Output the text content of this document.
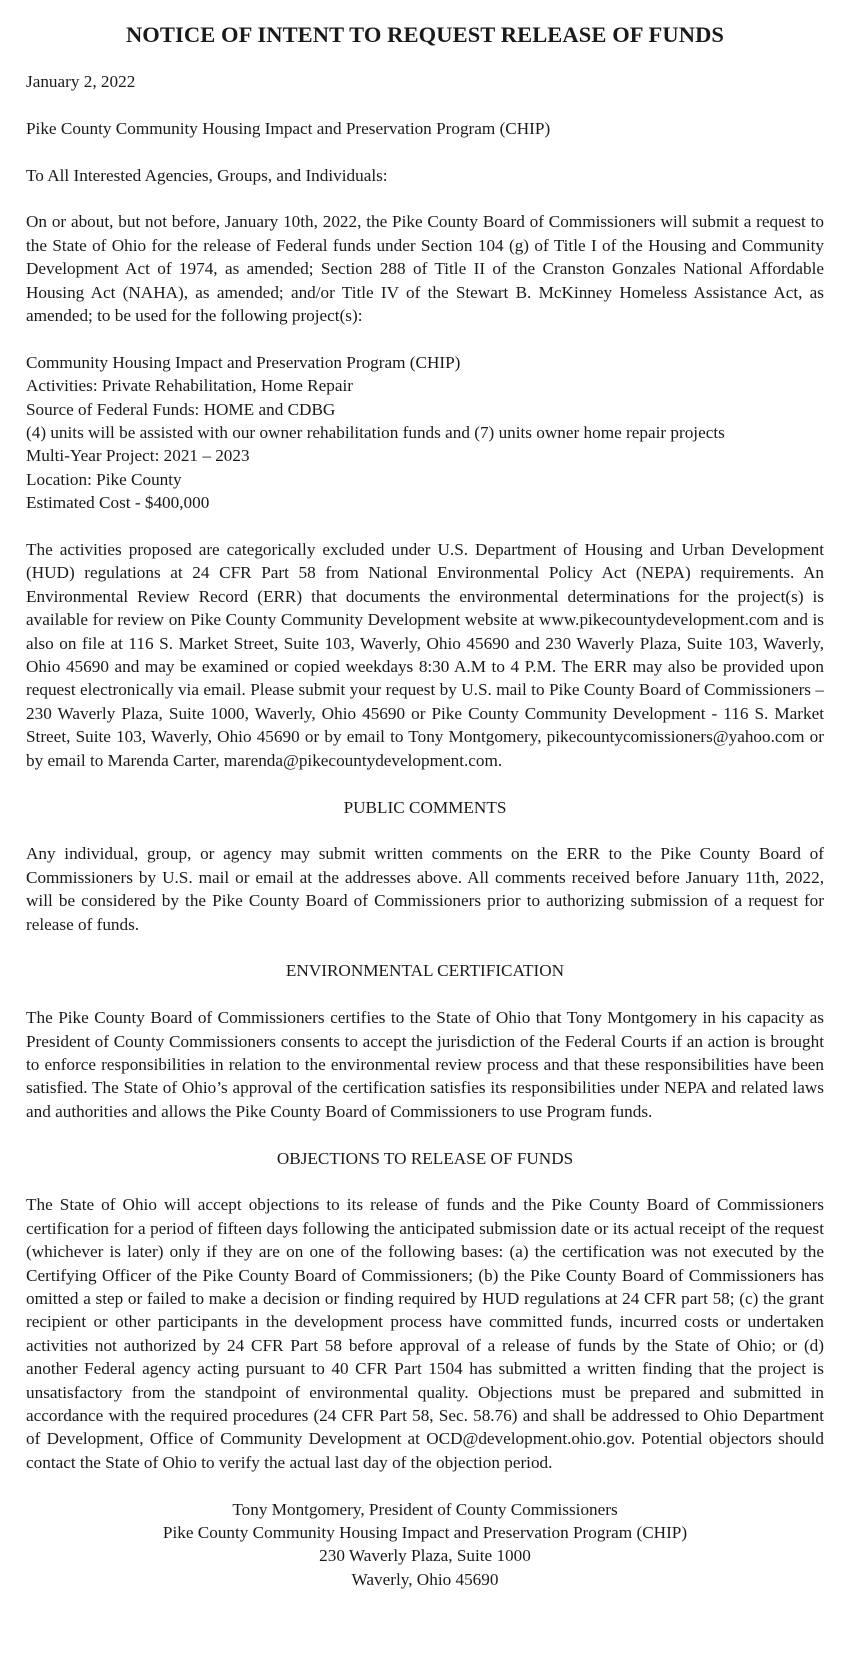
NOTICE OF INTENT TO REQUEST RELEASE OF FUNDS

January 2, 2022

Pike County Community Housing Impact and Preservation Program (CHIP)

To All Interested Agencies, Groups, and Individuals:

On or about, but not before, January 10th, 2022, the Pike County Board of Commissioners will submit a request to the State of Ohio for the release of Federal funds under Section 104 (g) of Title I of the Housing and Community Development Act of 1974, as amended; Section 288 of Title II of the Cranston Gonzales National Affordable Housing Act (NAHA), as amended; and/or Title IV of the Stewart B. McKinney Homeless Assistance Act, as amended; to be used for the following project(s):

Community Housing Impact and Preservation Program (CHIP)
Activities: Private Rehabilitation, Home Repair
Source of Federal Funds: HOME and CDBG
(4) units will be assisted with our owner rehabilitation funds and (7) units owner home repair projects
Multi-Year Project: 2021 – 2023
Location: Pike County
Estimated Cost - $400,000

The activities proposed are categorically excluded under U.S. Department of Housing and Urban Development (HUD) regulations at 24 CFR Part 58 from National Environmental Policy Act (NEPA) requirements. An Environmental Review Record (ERR) that documents the environmental determinations for the project(s) is available for review on Pike County Community Development website at www.pikecountydevelopment.com and is also on file at 116 S. Market Street, Suite 103, Waverly, Ohio 45690 and 230 Waverly Plaza, Suite 103, Waverly, Ohio 45690 and may be examined or copied weekdays 8:30 A.M to 4 P.M. The ERR may also be provided upon request electronically via email. Please submit your request by U.S. mail to Pike County Board of Commissioners – 230 Waverly Plaza, Suite 1000, Waverly, Ohio 45690 or Pike County Community Development - 116 S. Market Street, Suite 103, Waverly, Ohio 45690 or by email to Tony Montgomery, pikecountycomissioners@yahoo.com or by email to Marenda Carter, marenda@pikecountydevelopment.com.

PUBLIC COMMENTS

Any individual, group, or agency may submit written comments on the ERR to the Pike County Board of Commissioners by U.S. mail or email at the addresses above. All comments received before January 11th, 2022, will be considered by the Pike County Board of Commissioners prior to authorizing submission of a request for release of funds.

ENVIRONMENTAL CERTIFICATION

The Pike County Board of Commissioners certifies to the State of Ohio that Tony Montgomery in his capacity as President of County Commissioners consents to accept the jurisdiction of the Federal Courts if an action is brought to enforce responsibilities in relation to the environmental review process and that these responsibilities have been satisfied. The State of Ohio’s approval of the certification satisfies its responsibilities under NEPA and related laws and authorities and allows the Pike County Board of Commissioners to use Program funds.

OBJECTIONS TO RELEASE OF FUNDS

The State of Ohio will accept objections to its release of funds and the Pike County Board of Commissioners certification for a period of fifteen days following the anticipated submission date or its actual receipt of the request (whichever is later) only if they are on one of the following bases: (a) the certification was not executed by the Certifying Officer of the Pike County Board of Commissioners; (b) the Pike County Board of Commissioners has omitted a step or failed to make a decision or finding required by HUD regulations at 24 CFR part 58; (c) the grant recipient or other participants in the development process have committed funds, incurred costs or undertaken activities not authorized by 24 CFR Part 58 before approval of a release of funds by the State of Ohio; or (d) another Federal agency acting pursuant to 40 CFR Part 1504 has submitted a written finding that the project is unsatisfactory from the standpoint of environmental quality. Objections must be prepared and submitted in accordance with the required procedures (24 CFR Part 58, Sec. 58.76) and shall be addressed to Ohio Department of Development, Office of Community Development at OCD@development.ohio.gov. Potential objectors should contact the State of Ohio to verify the actual last day of the objection period.

Tony Montgomery, President of County Commissioners
Pike County Community Housing Impact and Preservation Program (CHIP)
230 Waverly Plaza, Suite 1000
Waverly, Ohio 45690
